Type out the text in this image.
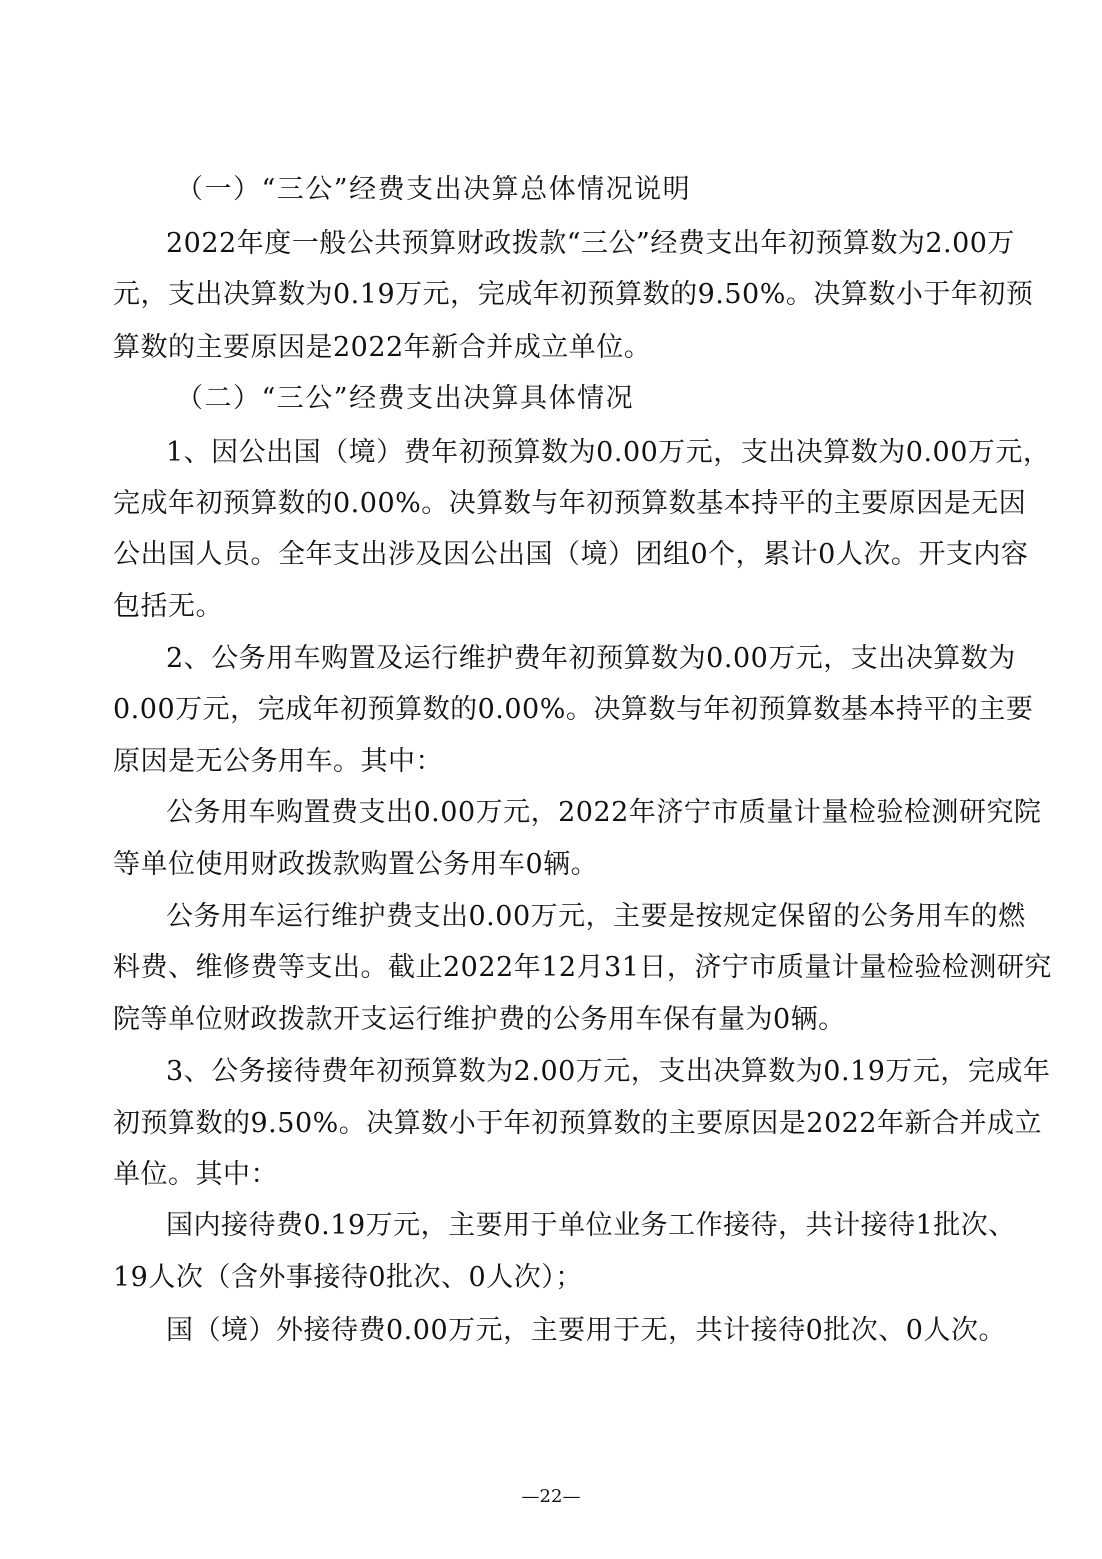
（一）“三公”经费支出决算总体情况说明
2022年度一般公共预算财政拨款“三公”经费支出年初预算数为2.00万
元，支出决算数为0.19万元，完成年初预算数的9.50%。决算数小于年初预
算数的主要原因是2022年新合并成立单位。
（二）“三公”经费支出决算具体情况
1、因公出国（境）费年初预算数为0.00万元，支出决算数为0.00万元，
完成年初预算数的0.00%。决算数与年初预算数基本持平的主要原因是无因
公出国人员。全年支出涉及因公出国（境）团组0个，累计0人次。开支内容
包括无。
2、公务用车购置及运行维护费年初预算数为0.00万元，支出决算数为
0.00万元，完成年初预算数的0.00%。决算数与年初预算数基本持平的主要
原因是无公务用车。其中：
公务用车购置费支出0.00万元，2022年济宁市质量计量检验检测研究院
等单位使用财政拨款购置公务用车0辆。
公务用车运行维护费支出0.00万元，主要是按规定保留的公务用车的燃
料费、维修费等支出。截止2022年12月31日，济宁市质量计量检验检测研究
院等单位财政拨款开支运行维护费的公务用车保有量为0辆。
3、公务接待费年初预算数为2.00万元，支出决算数为0.19万元，完成年
初预算数的9.50%。决算数小于年初预算数的主要原因是2022年新合并成立
单位。其中：
国内接待费0.19万元，主要用于单位业务工作接待，共计接待1批次、
19人次（含外事接待0批次、0人次）；
国（境）外接待费0.00万元，主要用于无，共计接待0批次、0人次。
—22—
